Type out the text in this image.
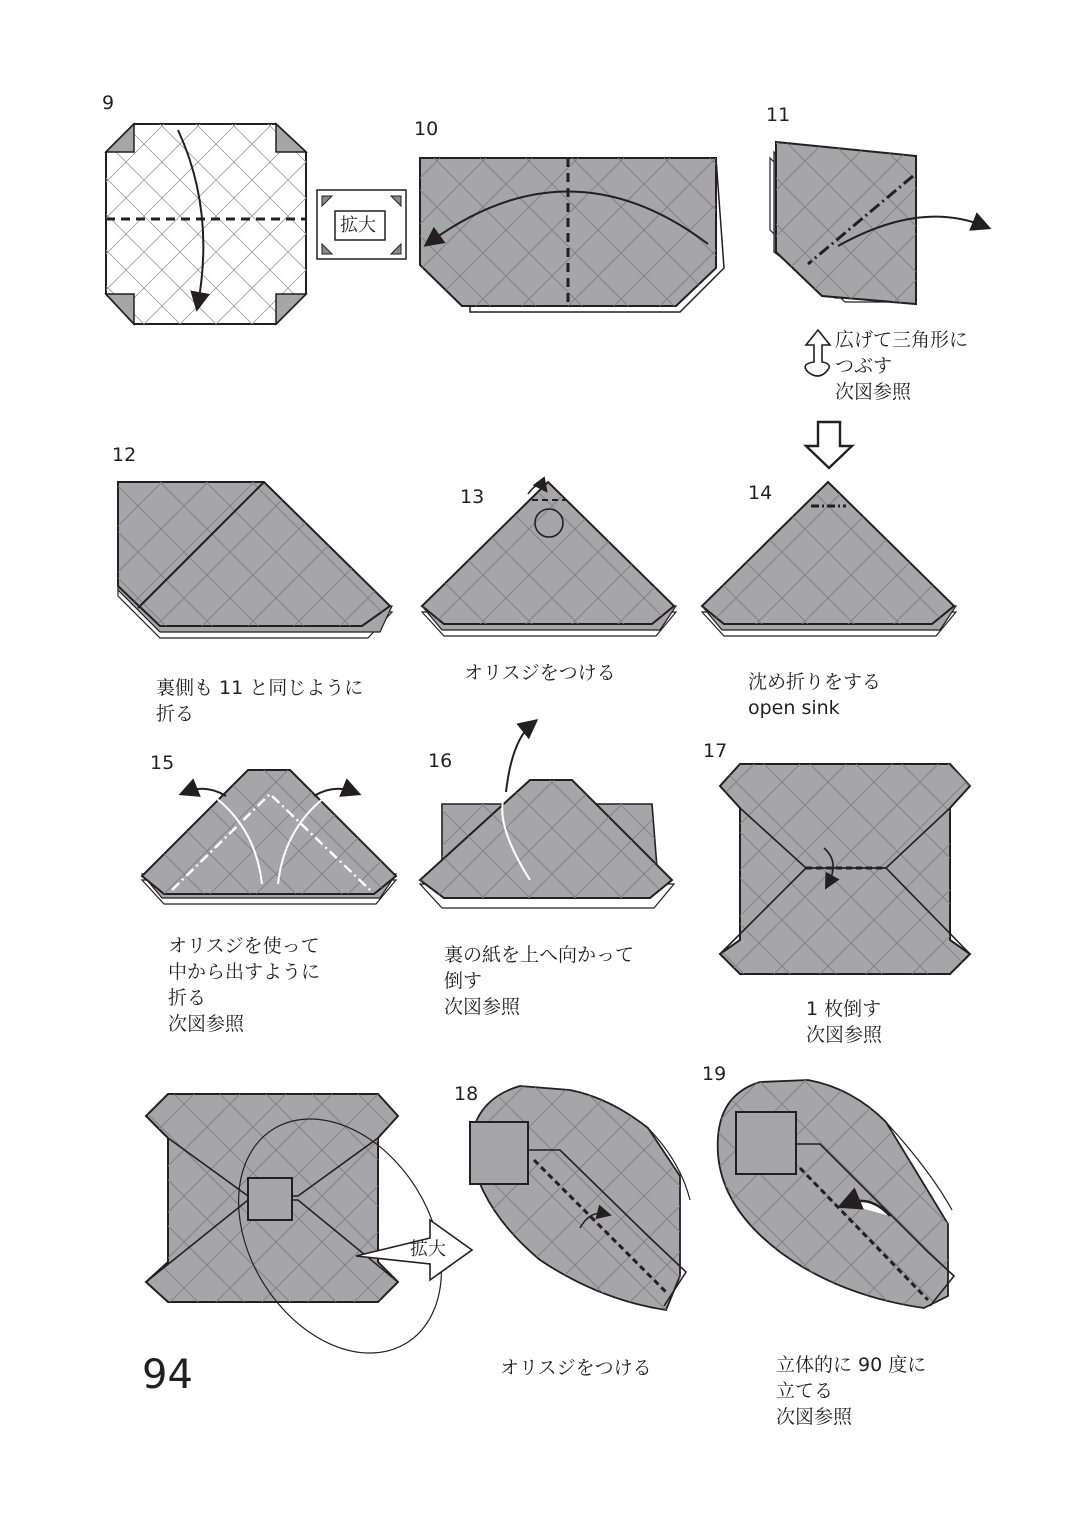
拡大
拡大
9
10
11
12
13	14
15	16	17
18
19
広げて三角形に
つぶす
次図参照
裏側も 11 と同じように
折る
オリスジをつける	沈め折りをする
open sink
オリスジを使って
中から出すように
折る
次図参照
裏の紙を上へ向かって
倒す
次図参照	1 枚倒す
次図参照
オリスジをつける	立体的に 90 度に
立てる
次図参照
94
